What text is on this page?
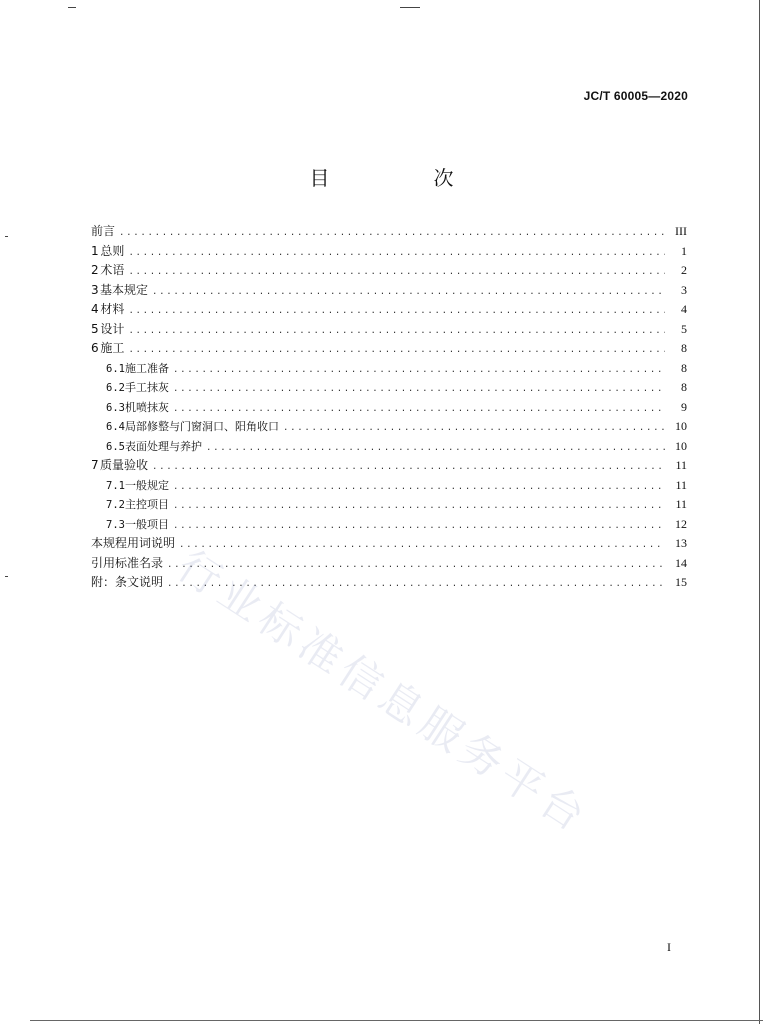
JC/T 60005—2020
目　次
前言 .....	III
1 总则 .....	1
2 术语 .....	2
3 基本规定 .....	3
4 材料 .....	4
5 设计 .....	5
6 施工 .....	8
6.1 施工准备 .....	8
6.2 手工抹灰 .....	8
6.3 机喷抹灰 .....	9
6.4 局部修整与门窗洞口、阳角收口 .....	10
6.5 表面处理与养护 .....	10
7 质量验收 .....	11
7.1 一般规定 .....	11
7.2 主控项目 .....	11
7.3 一般项目 .....	12
本规程用词说明 .....	13
引用标准名录 .....	14
附：条文说明 .....	15
行业标准信息服务平台
I
